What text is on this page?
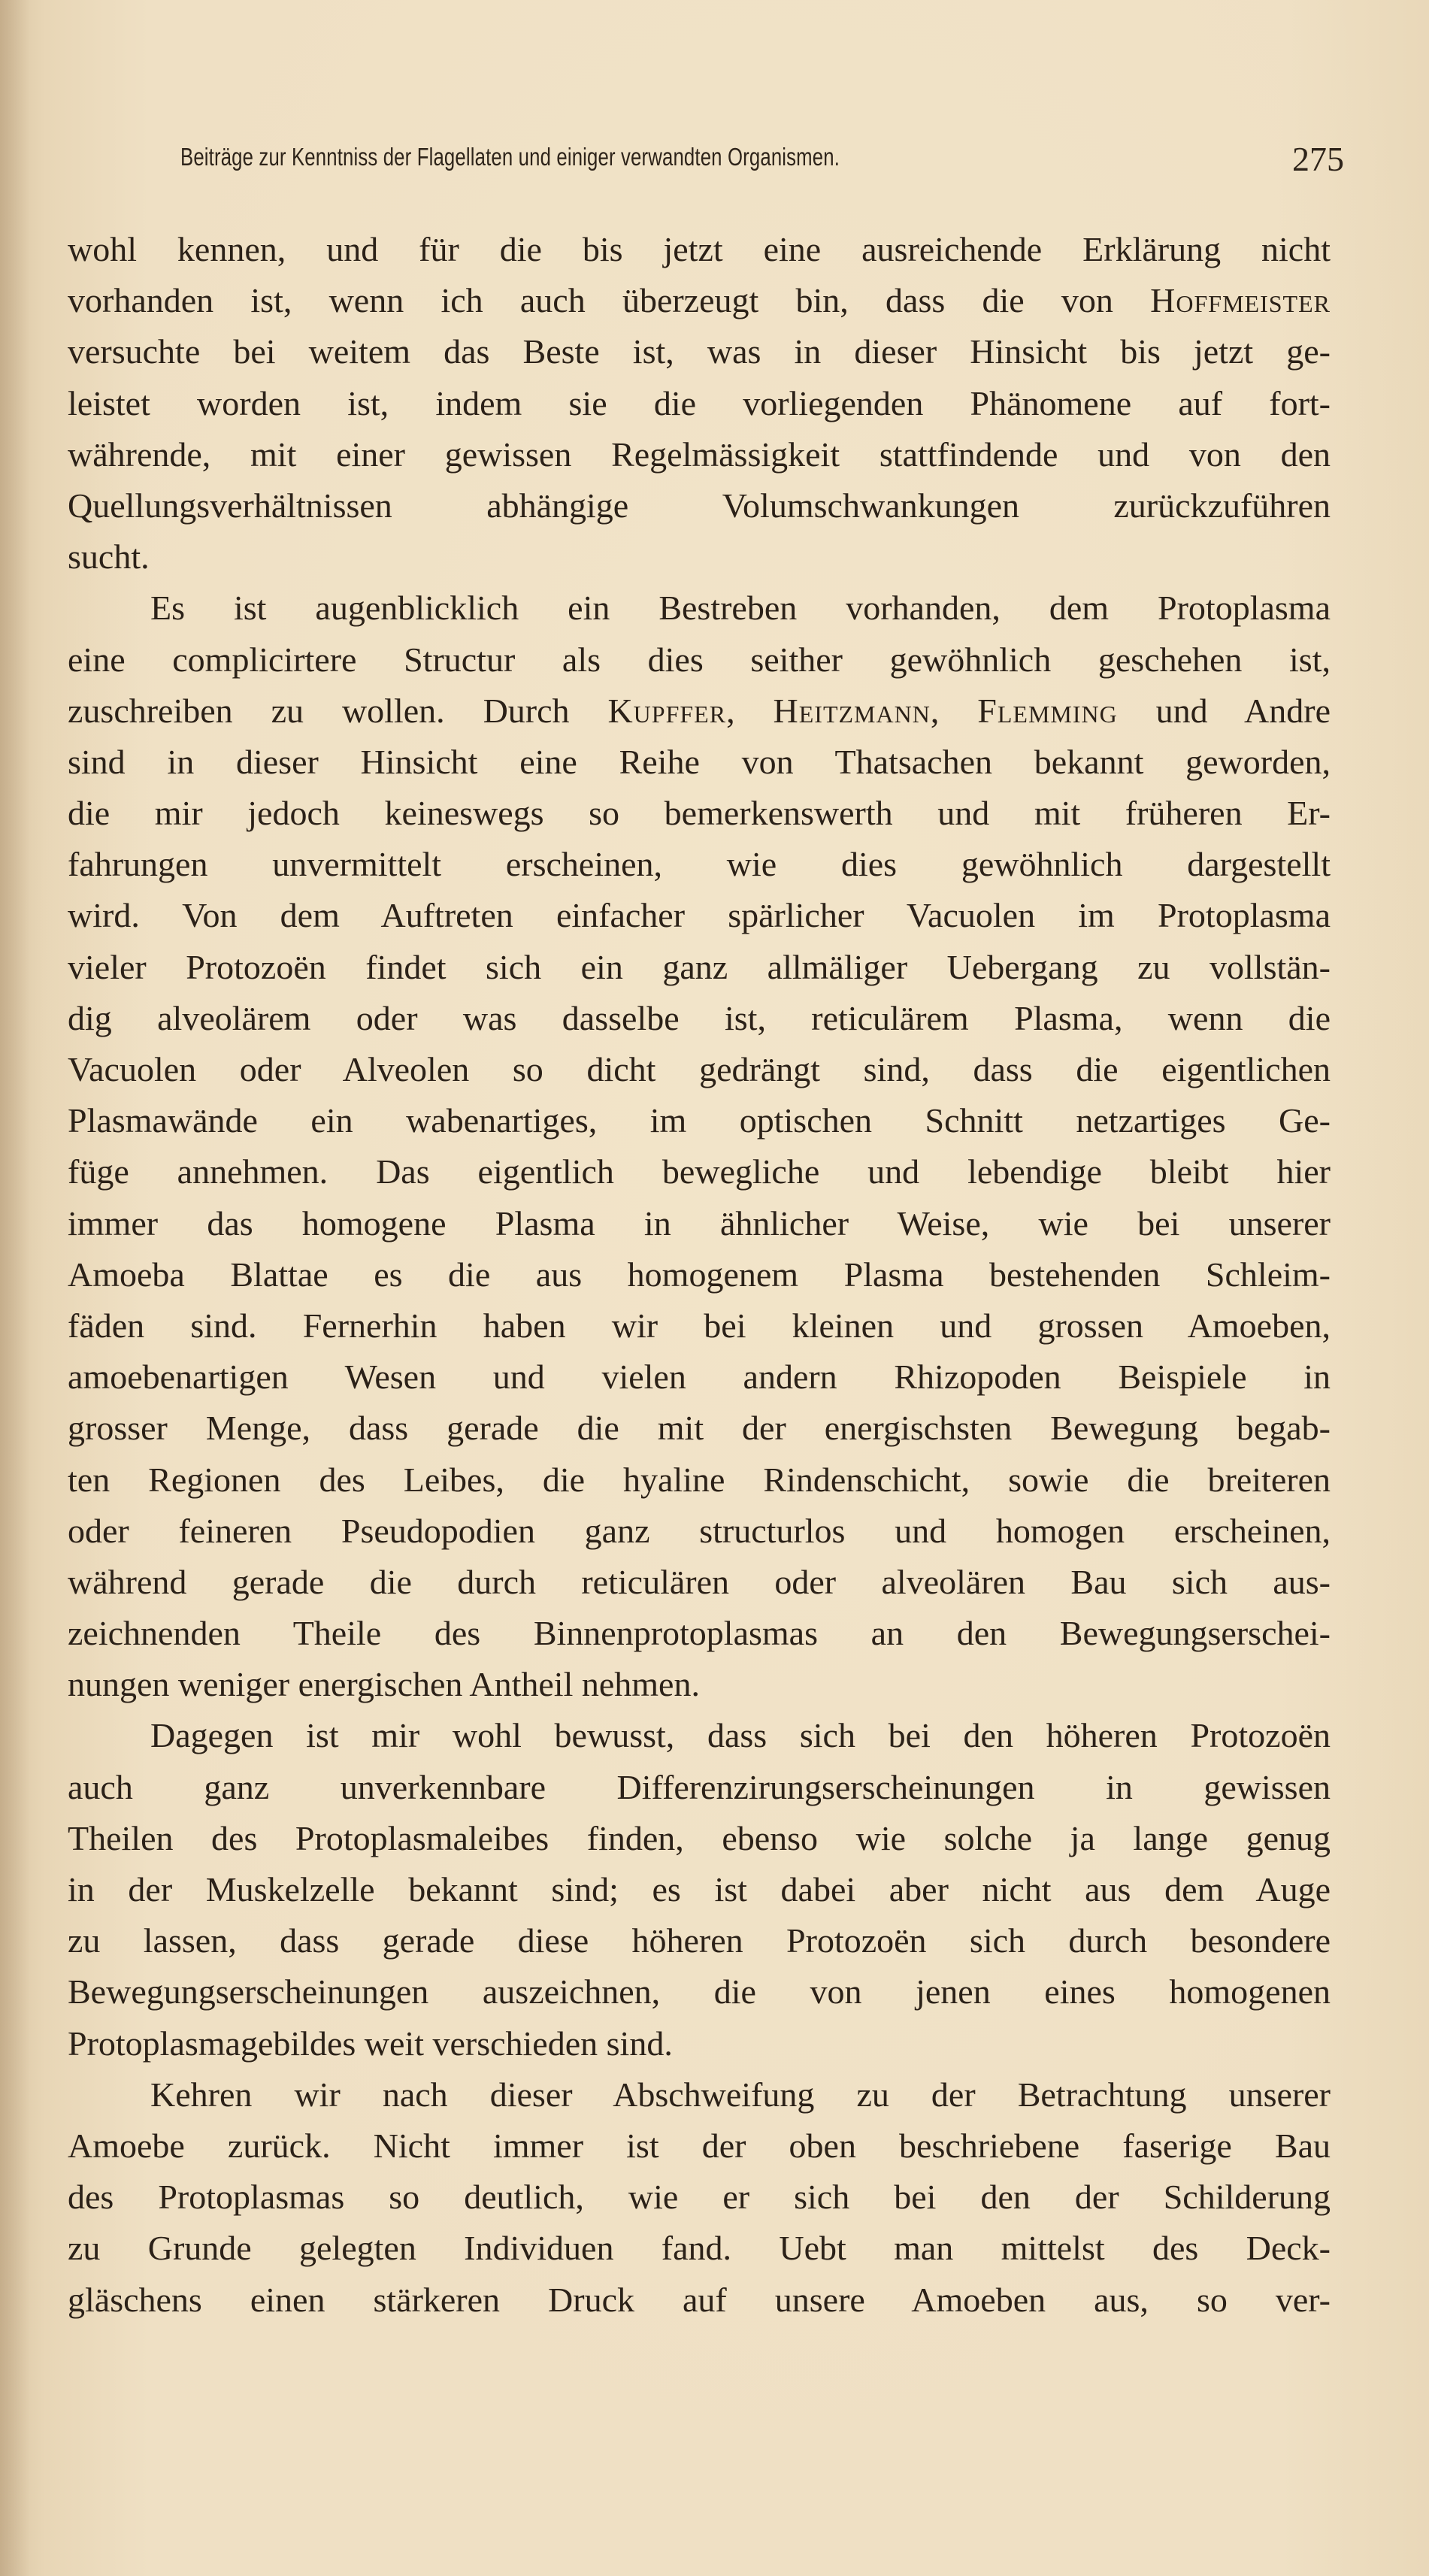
Beiträge zur Kenntniss der Flagellaten und einiger verwandten Organismen.	275
wohl kennen, und für die bis jetzt eine ausreichende Erklärung nicht
vorhanden ist, wenn ich auch überzeugt bin, dass die von Hoffmeister
versuchte bei weitem das Beste ist, was in dieser Hinsicht bis jetzt ge-
leistet worden ist, indem sie die vorliegenden Phänomene auf fort-
währende, mit einer gewissen Regelmässigkeit stattfindende und von den
Quellungsverhältnissen abhängige Volumschwankungen zurückzuführen
sucht.
Es ist augenblicklich ein Bestreben vorhanden, dem Protoplasma
eine complicirtere Structur als dies seither gewöhnlich geschehen ist,
zuschreiben zu wollen. Durch Kupffer, Heitzmann, Flemming und Andre
sind in dieser Hinsicht eine Reihe von Thatsachen bekannt geworden,
die mir jedoch keineswegs so bemerkenswerth und mit früheren Er-
fahrungen unvermittelt erscheinen, wie dies gewöhnlich dargestellt
wird. Von dem Auftreten einfacher spärlicher Vacuolen im Protoplasma
vieler Protozoën findet sich ein ganz allmäliger Uebergang zu vollstän-
dig alveolärem oder was dasselbe ist, reticulärem Plasma, wenn die
Vacuolen oder Alveolen so dicht gedrängt sind, dass die eigentlichen
Plasmawände ein wabenartiges, im optischen Schnitt netzartiges Ge-
füge annehmen. Das eigentlich bewegliche und lebendige bleibt hier
immer das homogene Plasma in ähnlicher Weise, wie bei unserer
Amoeba Blattae es die aus homogenem Plasma bestehenden Schleim-
fäden sind. Fernerhin haben wir bei kleinen und grossen Amoeben,
amoebenartigen Wesen und vielen andern Rhizopoden Beispiele in
grosser Menge, dass gerade die mit der energischsten Bewegung begab-
ten Regionen des Leibes, die hyaline Rindenschicht, sowie die breiteren
oder feineren Pseudopodien ganz structurlos und homogen erscheinen,
während gerade die durch reticulären oder alveolären Bau sich aus-
zeichnenden Theile des Binnenprotoplasmas an den Bewegungserschei-
nungen weniger energischen Antheil nehmen.
Dagegen ist mir wohl bewusst, dass sich bei den höheren Protozoën
auch ganz unverkennbare Differenzirungserscheinungen in gewissen
Theilen des Protoplasmaleibes finden, ebenso wie solche ja lange genug
in der Muskelzelle bekannt sind; es ist dabei aber nicht aus dem Auge
zu lassen, dass gerade diese höheren Protozoën sich durch besondere
Bewegungserscheinungen auszeichnen, die von jenen eines homogenen
Protoplasmagebildes weit verschieden sind.
Kehren wir nach dieser Abschweifung zu der Betrachtung unserer
Amoebe zurück. Nicht immer ist der oben beschriebene faserige Bau
des Protoplasmas so deutlich, wie er sich bei den der Schilderung
zu Grunde gelegten Individuen fand. Uebt man mittelst des Deck-
gläschens einen stärkeren Druck auf unsere Amoeben aus, so ver-
